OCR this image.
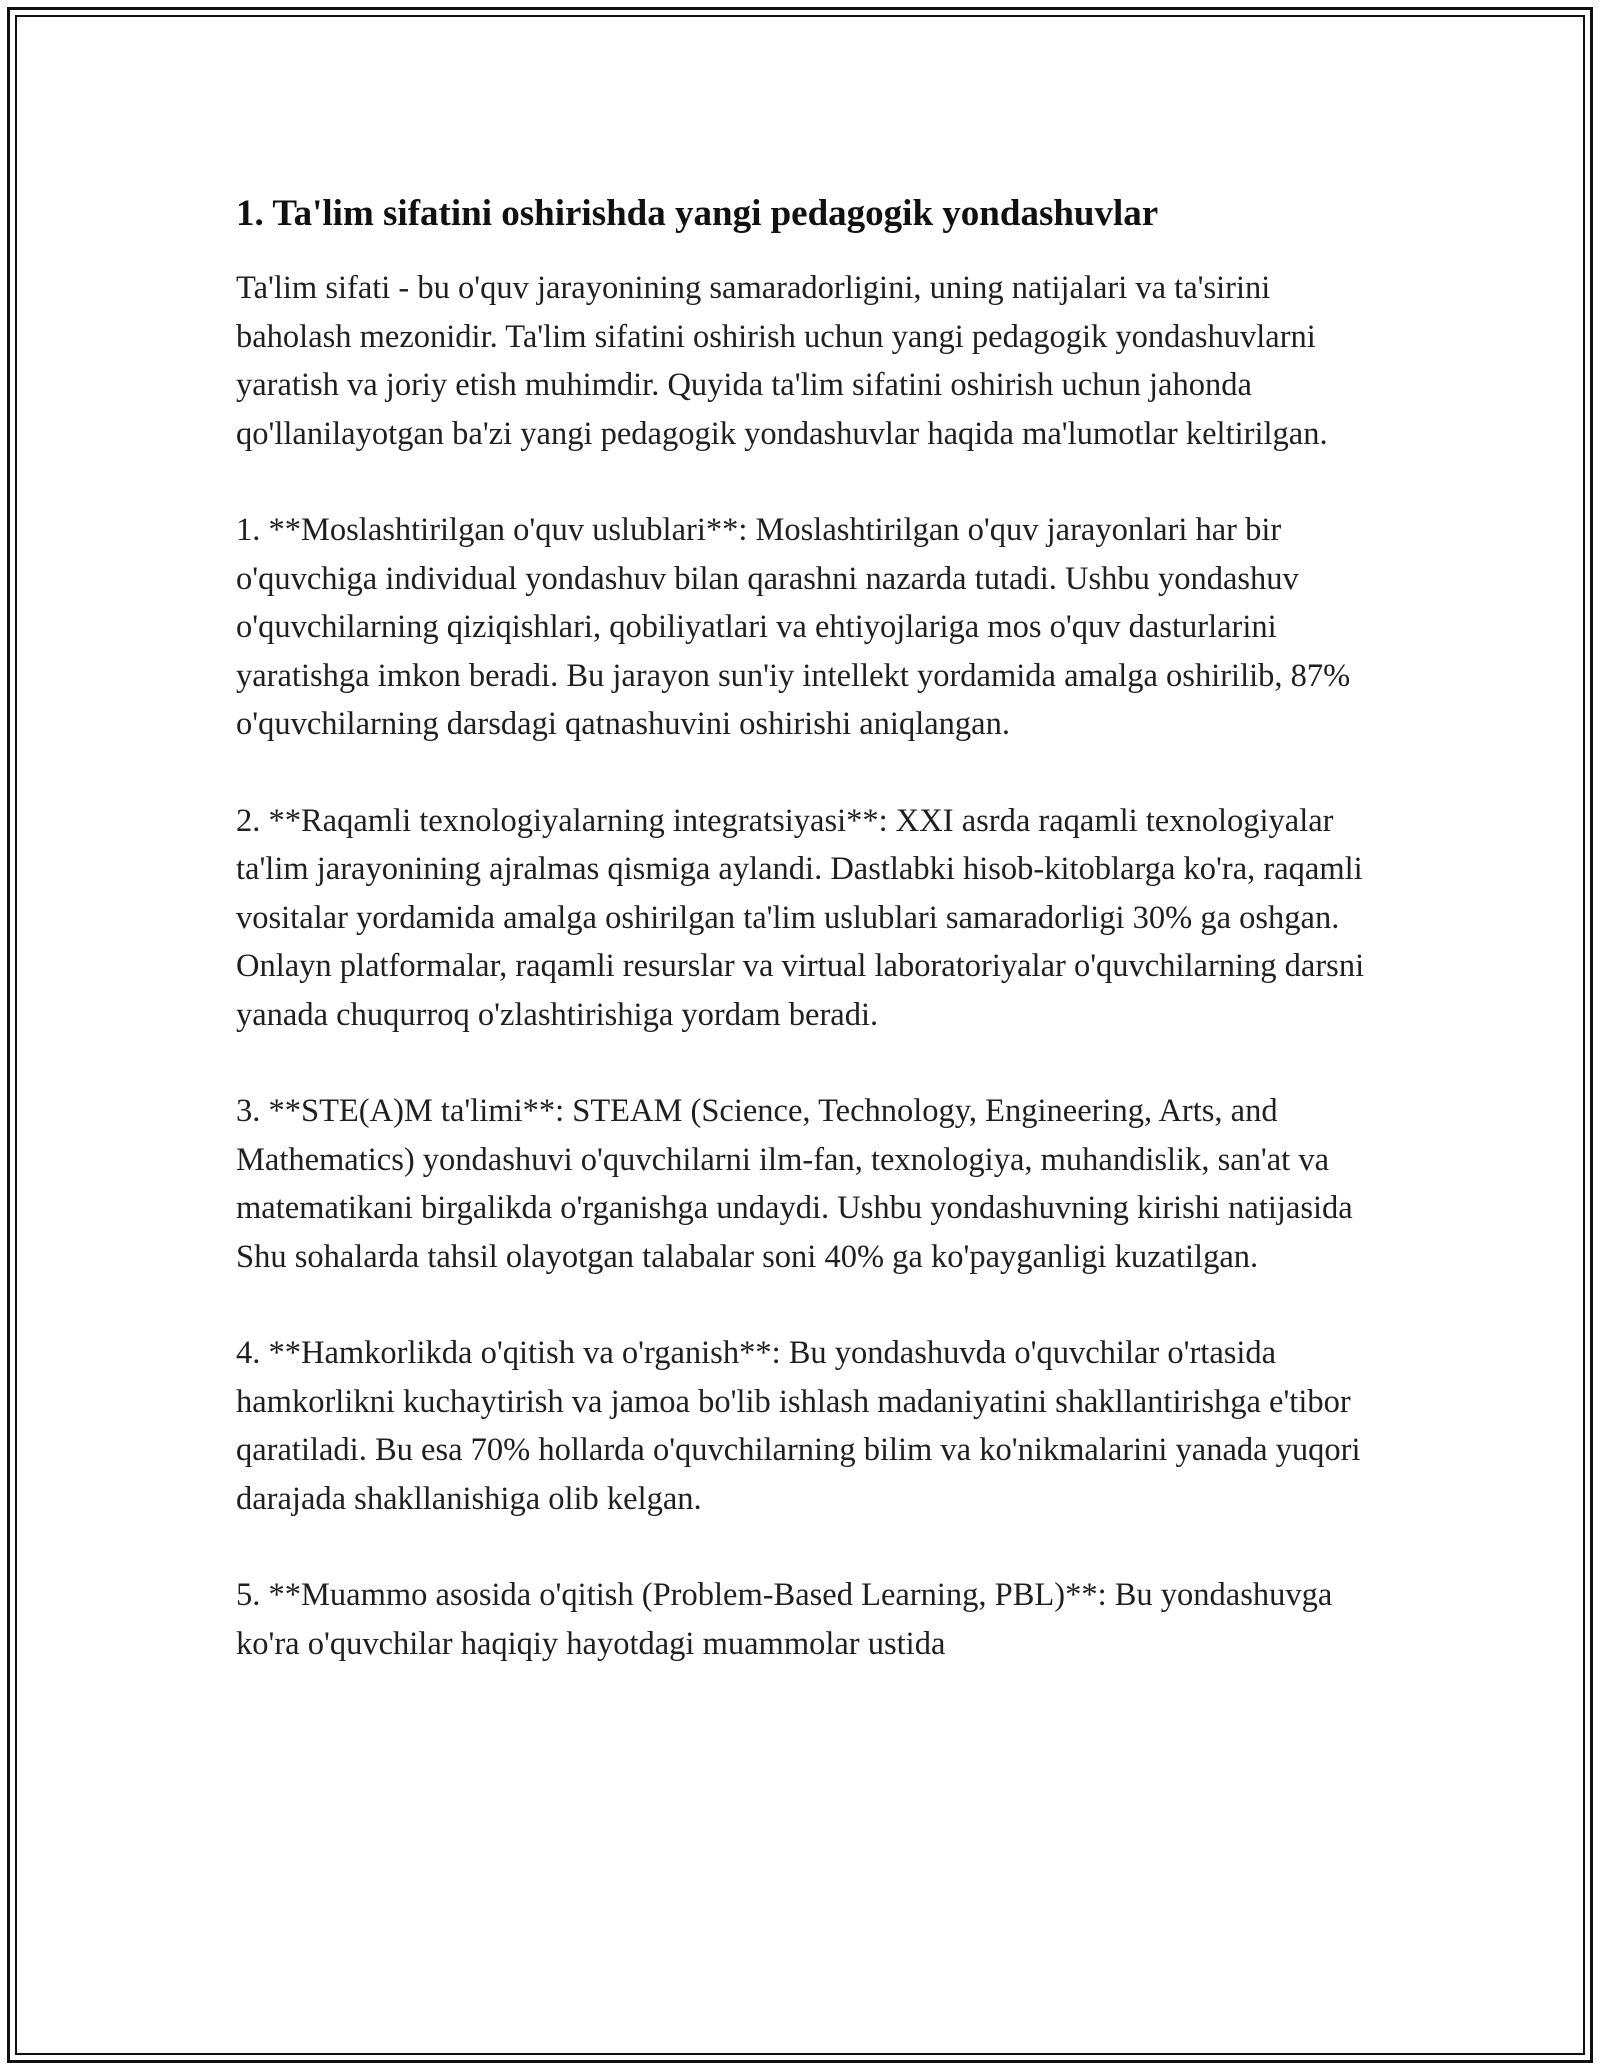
1. Ta'lim sifatini oshirishda yangi pedagogik yondashuvlar

Ta'lim sifati - bu o'quv jarayonining samaradorligini, uning natijalari va ta'sirini baholash mezonidir. Ta'lim sifatini oshirish uchun yangi pedagogik yondashuvlarni yaratish va joriy etish muhimdir. Quyida ta'lim sifatini oshirish uchun jahonda qo'llanilayotgan ba'zi yangi pedagogik yondashuvlar haqida ma'lumotlar keltirilgan.

1. **Moslashtirilgan o'quv uslublari**: Moslashtirilgan o'quv jarayonlari har bir o'quvchiga individual yondashuv bilan qarashni nazarda tutadi. Ushbu yondashuv o'quvchilarning qiziqishlari, qobiliyatlari va ehtiyojlariga mos o'quv dasturlarini yaratishga imkon beradi. Bu jarayon sun'iy intellekt yordamida amalga oshirilib, 87% o'quvchilarning darsdagi qatnashuvini oshirishi aniqlangan.

2. **Raqamli texnologiyalarning integratsiyasi**: XXI asrda raqamli texnologiyalar ta'lim jarayonining ajralmas qismiga aylandi. Dastlabki hisob-kitoblarga ko'ra, raqamli vositalar yordamida amalga oshirilgan ta'lim uslublari samaradorligi 30% ga oshgan. Onlayn platformalar, raqamli resurslar va virtual laboratoriyalar o'quvchilarning darsni yanada chuqurroq o'zlashtirishiga yordam beradi.

3. **STE(A)M ta'limi**: STEAM (Science, Technology, Engineering, Arts, and Mathematics) yondashuvi o'quvchilarni ilm-fan, texnologiya, muhandislik, san'at va matematikani birgalikda o'rganishga undaydi. Ushbu yondashuvning kirishi natijasida Shu sohalarda tahsil olayotgan talabalar soni 40% ga ko'payganligi kuzatilgan.

4. **Hamkorlikda o'qitish va o'rganish**: Bu yondashuvda o'quvchilar o'rtasida hamkorlikni kuchaytirish va jamoa bo'lib ishlash madaniyatini shakllantirishga e'tibor qaratiladi. Bu esa 70% hollarda o'quvchilarning bilim va ko'nikmalarini yanada yuqori darajada shakllanishiga olib kelgan.

5. **Muammo asosida o'qitish (Problem-Based Learning, PBL)**: Bu yondashuvga ko'ra o'quvchilar haqiqiy hayotdagi muammolar ustida
